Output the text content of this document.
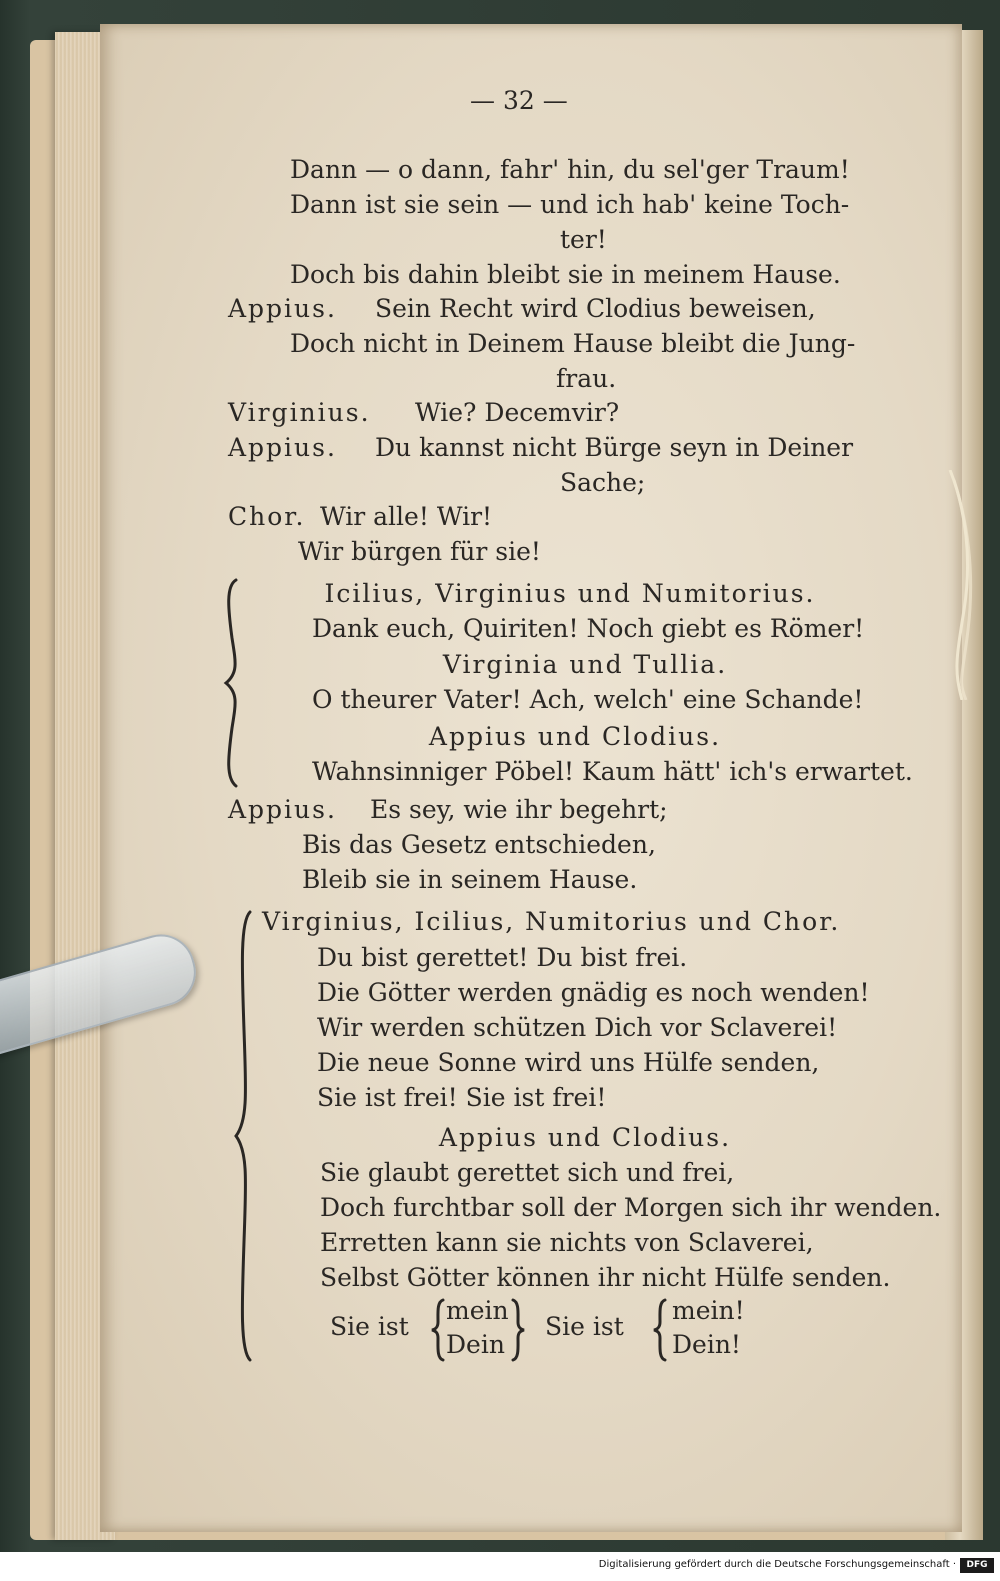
— 32 —
Dann — o dann, fahr' hin, du sel'ger Traum!
Dann ist sie sein — und ich hab' keine Toch-
ter!
Doch bis dahin bleibt sie in meinem Hause.
Appius. Sein Recht wird Clodius beweisen,
Doch nicht in Deinem Hause bleibt die Jung-
frau.
Virginius. Wie? Decemvir?
Appius. Du kannst nicht Bürge seyn in Deiner
Sache;
Chor. Wir alle! Wir!
Wir bürgen für sie!
Icilius, Virginius und Numitorius.
Dank euch, Quiriten! Noch giebt es Römer!
Virginia und Tullia.
O theurer Vater! Ach, welch' eine Schande!
Appius und Clodius.
Wahnsinniger Pöbel! Kaum hätt' ich's erwartet.
Appius. Es sey, wie ihr begehrt;
Bis das Gesetz entschieden,
Bleib sie in seinem Hause.
Virginius, Icilius, Numitorius und Chor.
Du bist gerettet! Du bist frei.
Die Götter werden gnädig es noch wenden!
Wir werden schützen Dich vor Sclaverei!
Die neue Sonne wird uns Hülfe senden,
Sie ist frei! Sie ist frei!
Appius und Clodius.
Sie glaubt gerettet sich und frei,
Doch furchtbar soll der Morgen sich ihr wenden.
Erretten kann sie nichts von Sclaverei,
Selbst Götter können ihr nicht Hülfe senden.
Sie ist
mein
Dein
Sie ist
mein!
Dein!
Digitalisierung gefördert durch die Deutsche Forschungsgemeinschaft ·	DFG
